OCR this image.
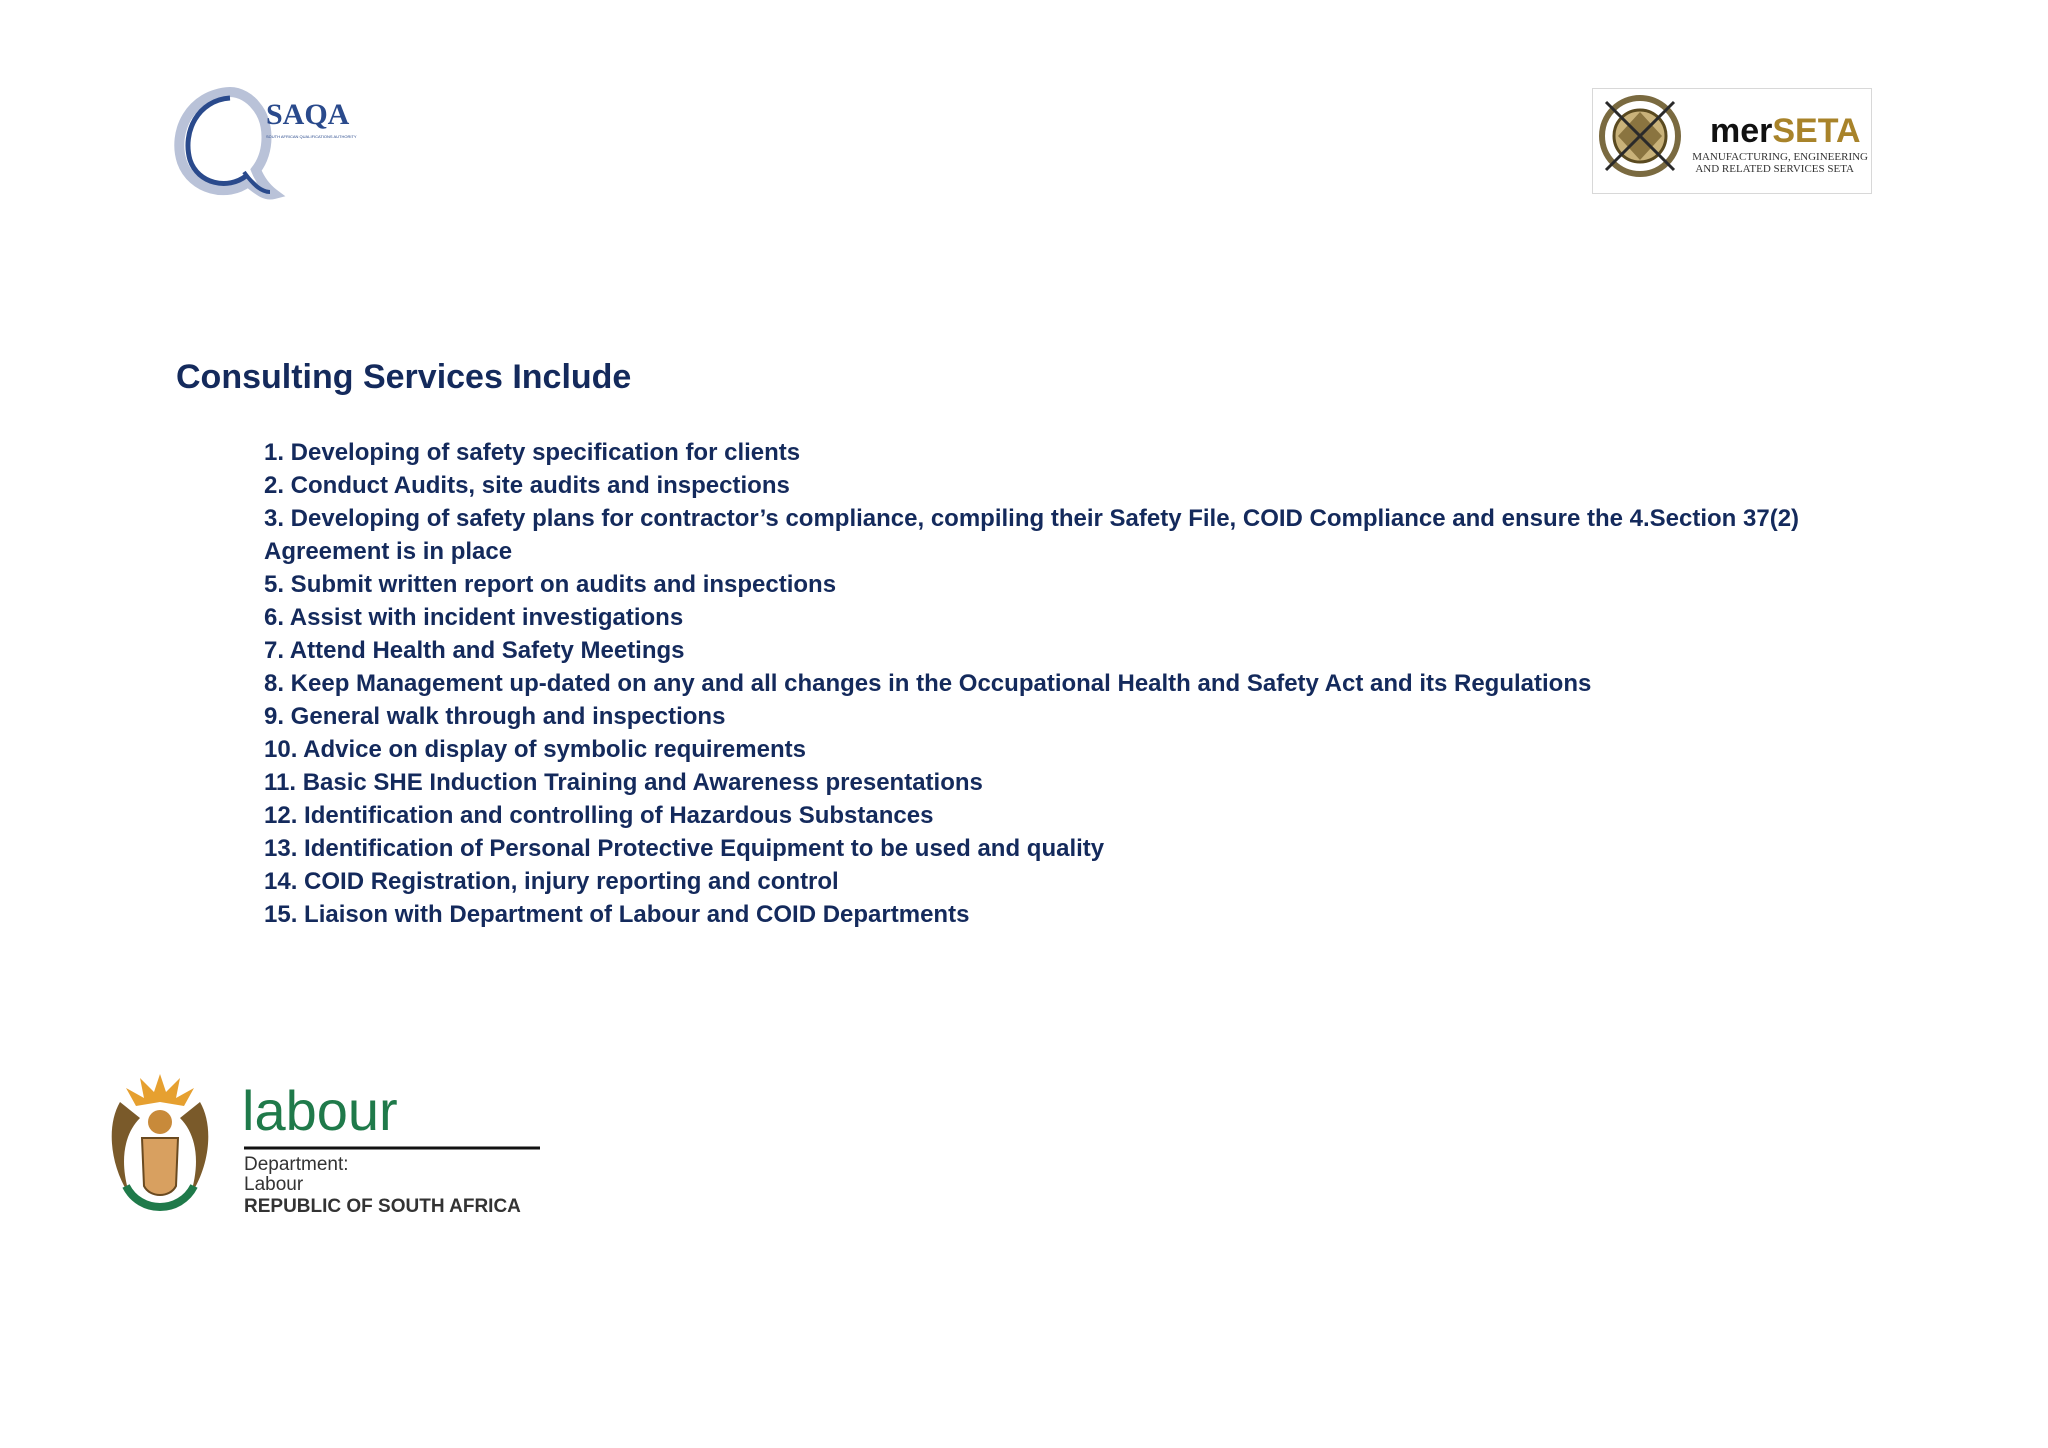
SAQA
SOUTH AFRICAN QUALIFICATIONS AUTHORITY	merSETA
MANUFACTURING, ENGINEERING
AND RELATED SERVICES SETA
labour
Department:
Labour
REPUBLIC OF SOUTH AFRICA
Consulting Services Include
1. Developing of safety specification for clients
2. Conduct Audits, site audits and inspections
3. Developing of safety plans for contractor’s compliance, compiling their Safety File, COID Compliance and ensure the 4.Section 37(2)
Agreement is in place
5. Submit written report on audits and inspections
6. Assist with incident investigations
7. Attend Health and Safety Meetings
8. Keep Management up-dated on any and all changes in the Occupational Health and Safety Act and its Regulations
9. General walk through and inspections
10. Advice on display of symbolic requirements
11. Basic SHE Induction Training and Awareness presentations
12. Identification and controlling of Hazardous Substances
13. Identification of Personal Protective Equipment to be used and quality
14. COID Registration, injury reporting and control
15. Liaison with Department of Labour and COID Departments
